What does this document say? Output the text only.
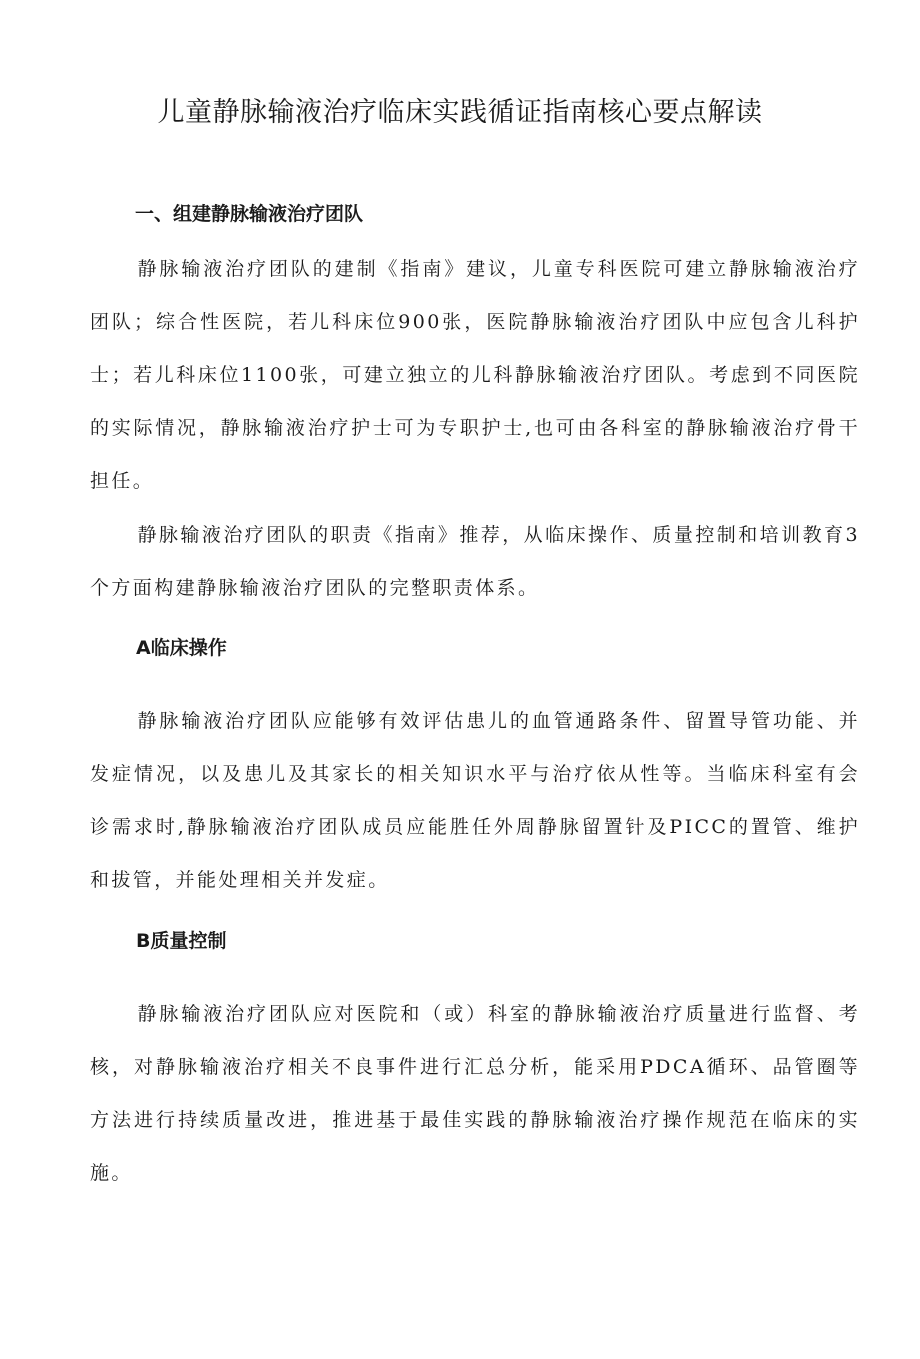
儿童静脉输液治疗临床实践循证指南核心要点解读
一、组建静脉输液治疗团队

静脉输液治疗团队的建制《指南》建议，儿童专科医院可建立静脉输液治疗团队；综合性医院，若儿科床位900张，医院静脉输液治疗团队中应包含儿科护士；若儿科床位1100张，可建立独立的儿科静脉输液治疗团队。考虑到不同医院的实际情况，静脉输液治疗护士可为专职护士,也可由各科室的静脉输液治疗骨干担任。

静脉输液治疗团队的职责《指南》推荐，从临床操作、质量控制和培训教育3个方面构建静脉输液治疗团队的完整职责体系。

A临床操作

静脉输液治疗团队应能够有效评估患儿的血管通路条件、留置导管功能、并发症情况，以及患儿及其家长的相关知识水平与治疗依从性等。当临床科室有会诊需求时,静脉输液治疗团队成员应能胜任外周静脉留置针及PICC的置管、维护和拔管，并能处理相关并发症。

B质量控制

静脉输液治疗团队应对医院和（或）科室的静脉输液治疗质量进行监督、考核，对静脉输液治疗相关不良事件进行汇总分析，能采用PDCA循环、品管圈等方法进行持续质量改进，推进基于最佳实践的静脉输液治疗操作规范在临床的实施。
